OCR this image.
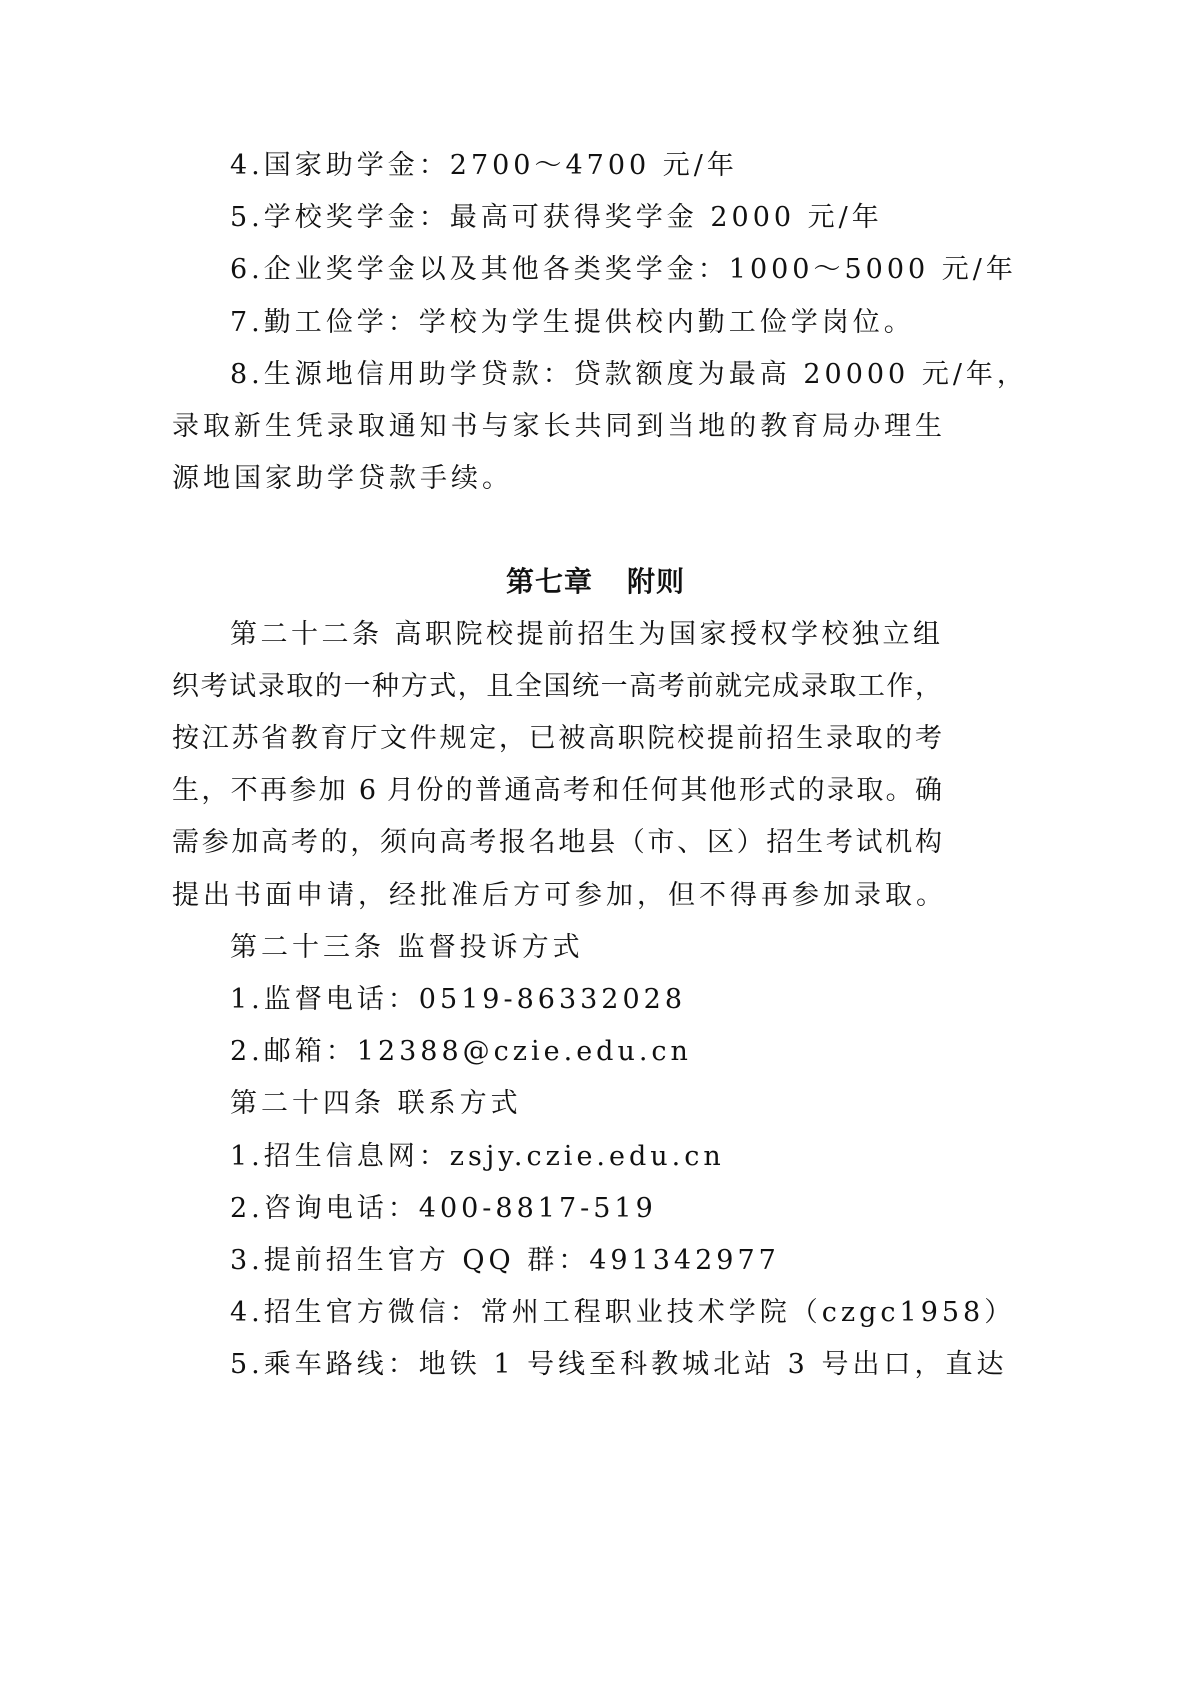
4.国家助学金：2700～4700 元/年
5.学校奖学金：最高可获得奖学金 2000 元/年
6.企业奖学金以及其他各类奖学金：1000～5000 元/年
7.勤工俭学：学校为学生提供校内勤工俭学岗位。
8.生源地信用助学贷款：贷款额度为最高 20000 元/年，
录取新生凭录取通知书与家长共同到当地的教育局办理生
源地国家助学贷款手续。
第七章 附则
第二十二条 高职院校提前招生为国家授权学校独立组
织考试录取的一种方式，且全国统一高考前就完成录取工作，
按江苏省教育厅文件规定，已被高职院校提前招生录取的考
生，不再参加 6 月份的普通高考和任何其他形式的录取。确
需参加高考的，须向高考报名地县（市、区）招生考试机构
提出书面申请，经批准后方可参加，但不得再参加录取。
第二十三条 监督投诉方式
1.监督电话：0519-86332028
2.邮箱：12388@czie.edu.cn
第二十四条 联系方式
1.招生信息网：zsjy.czie.edu.cn
2.咨询电话：400-8817-519
3.提前招生官方 QQ 群：491342977
4.招生官方微信：常州工程职业技术学院（czgc1958）
5.乘车路线：地铁 1 号线至科教城北站 3 号出口，直达
